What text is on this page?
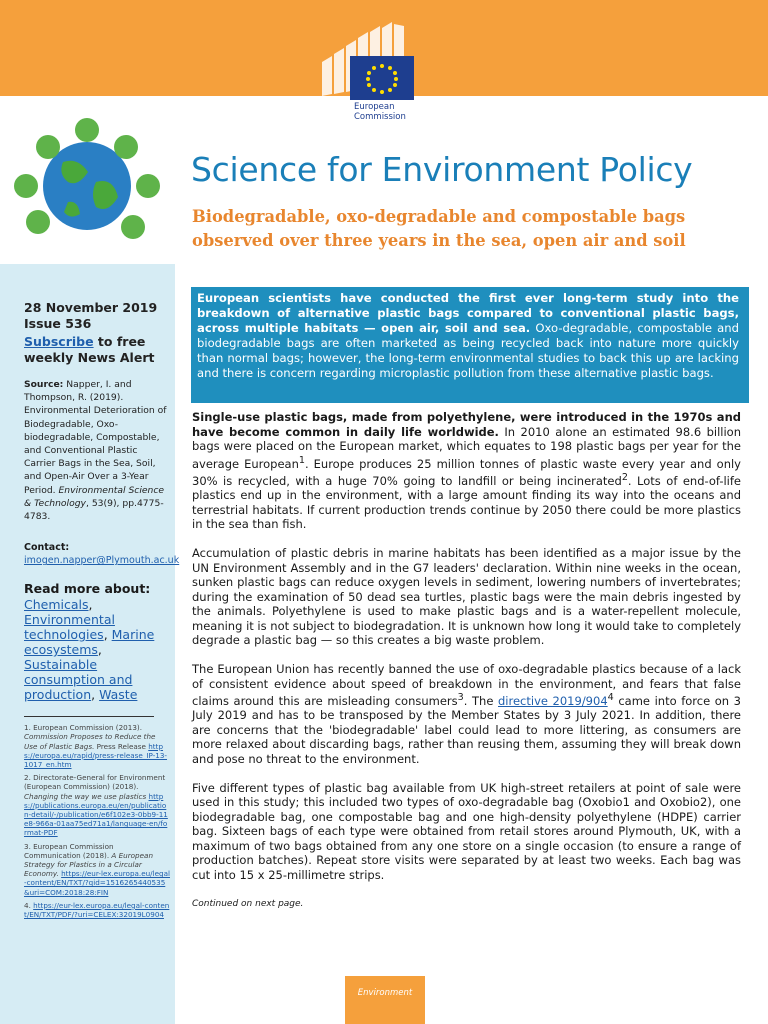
European
Commission
28 November 2019
Issue 536
Subscribe to free weekly News Alert
Source: Napper, I. and Thompson, R. (2019). Environmental Deterioration of Biodegradable, Oxo-biodegradable, Compostable, and Conventional Plastic Carrier Bags in the Sea, Soil, and Open-Air Over a 3-Year Period. Environmental Science & Technology, 53(9), pp.4775-4783.
Contact:
imogen.napper@Plymouth.ac.uk
Read more about:
Chemicals, Environmental technologies, Marine ecosystems, Sustainable consumption and production, Waste

1. European Commission (2013). Commission Proposes to Reduce the Use of Plastic Bags. Press Release https://europa.eu/rapid/press-release_IP-13-1017_en.htm

2. Directorate-General for Environment (European Commission) (2018). Changing the way we use plastics https://publications.europa.eu/en/publication-detail/-/publication/e6f102e3-0bb9-11e8-966a-01aa75ed71a1/language-en/format-PDF

3. European Commission Communication (2018). A European Strategy for Plastics in a Circular Economy. https://eur-lex.europa.eu/legal-content/EN/TXT/?qid=1516265440535&uri=COM:2018:28:FIN

4. https://eur-lex.europa.eu/legal-content/EN/TXT/PDF/?uri=CELEX:32019L0904

Science for Environment Policy
Biodegradable, oxo-degradable and compostable bags observed over three years in the sea, open air and soil
European scientists have conducted the first ever long-term study into the breakdown of alternative plastic bags compared to conventional plastic bags, across multiple habitats — open air, soil and sea. Oxo-degradable, compostable and biodegradable bags are often marketed as being recycled back into nature more quickly than normal bags; however, the long-term environmental studies to back this up are lacking and there is concern regarding microplastic pollution from these alternative plastic bags.

Single-use plastic bags, made from polyethylene, were introduced in the 1970s and have become common in daily life worldwide. In 2010 alone an estimated 98.6 billion bags were placed on the European market, which equates to 198 plastic bags per year for the average European$^1$. Europe produces 25 million tonnes of plastic waste every year and only 30% is recycled, with a huge 70% going to landfill or being incinerated$^2$. Lots of end-of-life plastics end up in the environment, with a large amount finding its way into the oceans and terrestrial habitats. If current production trends continue by 2050 there could be more plastics in the sea than fish.

Accumulation of plastic debris in marine habitats has been identified as a major issue by the UN Environment Assembly and in the G7 leaders' declaration. Within nine weeks in the ocean, sunken plastic bags can reduce oxygen levels in sediment, lowering numbers of invertebrates; during the examination of 50 dead sea turtles, plastic bags were the main debris ingested by the animals. Polyethylene is used to make plastic bags and is a water-repellent molecule, meaning it is not subject to biodegradation. It is unknown how long it would take to completely degrade a plastic bag — so this creates a big waste problem.

The European Union has recently banned the use of oxo-degradable plastics because of a lack of consistent evidence about speed of breakdown in the environment, and fears that false claims around this are misleading consumers$^3$. The directive $2019/904^4$ came into force on 3 July 2019 and has to be transposed by the Member States by 3 July 2021. In addition, there are concerns that the 'biodegradable' label could lead to more littering, as consumers are more relaxed about discarding bags, rather than reusing them, assuming they will break down and pose no threat to the environment.

Five different types of plastic bag available from UK high-street retailers at point of sale were used in this study; this included two types of oxo-degradable bag (Oxobio1 and Oxobio2), one biodegradable bag, one compostable bag and one high-density polyethylene (HDPE) carrier bag. Sixteen bags of each type were obtained from retail stores around Plymouth, UK, with a maximum of two bags obtained from any one store on a single occasion (to ensure a range of production batches). Repeat store visits were separated by at least two weeks. Each bag was cut into 15 x 25-millimetre strips.

Continued on next page.
Environment
